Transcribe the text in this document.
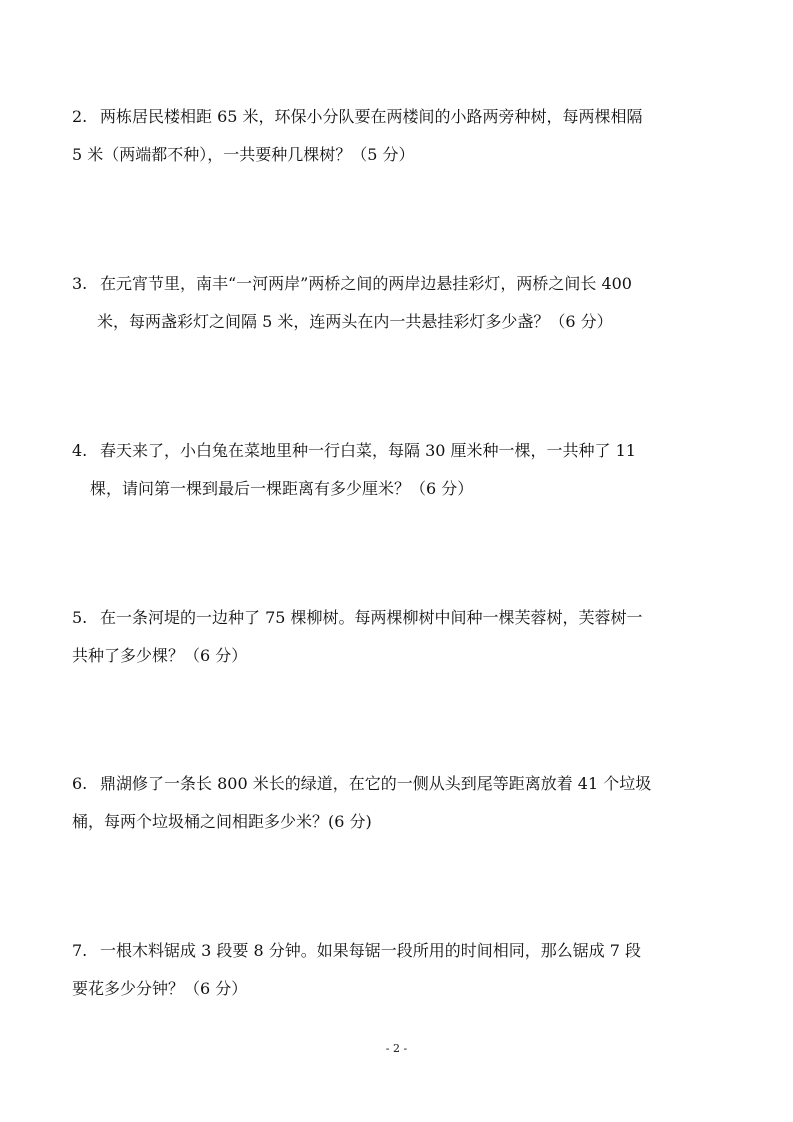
2. 两栋居民楼相距 65 米，环保小分队要在两楼间的小路两旁种树，每两棵相隔
5 米（两端都不种），一共要种几棵树？（5 分）
3. 在元宵节里，南丰“一河两岸”两桥之间的两岸边悬挂彩灯，两桥之间长 400
米，每两盏彩灯之间隔 5 米，连两头在内一共悬挂彩灯多少盏？（6 分）
4. 春天来了，小白兔在菜地里种一行白菜，每隔 30 厘米种一棵，一共种了 11
棵，请问第一棵到最后一棵距离有多少厘米？（6 分）
5. 在一条河堤的一边种了 75 棵柳树。每两棵柳树中间种一棵芙蓉树，芙蓉树一
共种了多少棵？（6 分）
6. 鼎湖修了一条长 800 米长的绿道，在它的一侧从头到尾等距离放着 41 个垃圾
桶，每两个垃圾桶之间相距多少米？(6 分)
7. 一根木料锯成 3 段要 8 分钟。如果每锯一段所用的时间相同，那么锯成 7 段
要花多少分钟？（6 分）
- 2 -
